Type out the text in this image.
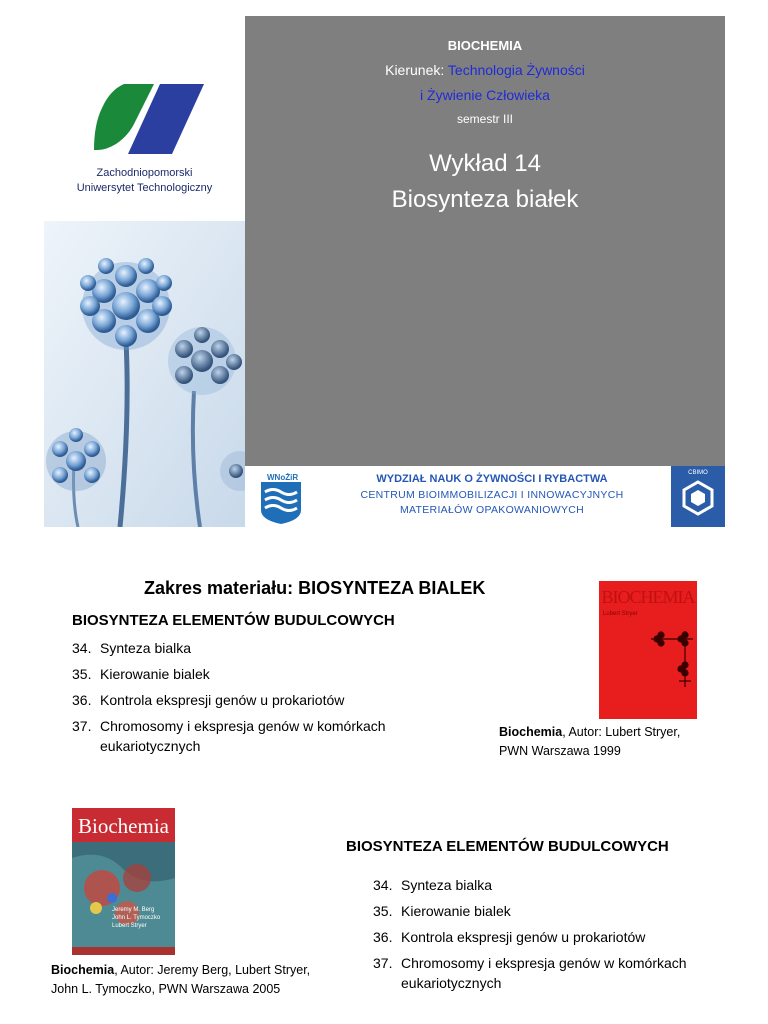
Zachodniopomorski
Uniwersytet Technologiczny
BIOCHEMIA
Kierunek: Technologia Żywności
i Żywienie Człowieka
semestr III
Wykład 14
Biosynteza białek
WNoŻiR	WYDZIAŁ NAUK O ŻYWNOŚCI I RYBACTWA
CENTRUM BIOIMMOBILIZACJI I INNOWACYJNYCH
MATERIAŁÓW OPAKOWANIOWYCH
CBIMO
Zakres materiału: BIOSYNTEZA BIALEK
BIOSYNTEZA ELEMENTÓW BUDULCOWYCH
34. Synteza bialka
35. Kierowanie bialek
36. Kontrola ekspresji genów u prokariotów
37. Chromosomy i ekspresja genów w komórkach
eukariotycznych
BIOCHEMIA
Lubert Stryer
Biochemia, Autor: Lubert Stryer,
PWN Warszawa 1999
Biochemia
Jeremy M. Berg
John L. Tymoczko
Lubert Stryer
Biochemia, Autor: Jeremy Berg, Lubert Stryer,
John L. Tymoczko, PWN Warszawa 2005
BIOSYNTEZA ELEMENTÓW BUDULCOWYCH
34. Synteza bialka
35. Kierowanie bialek
36. Kontrola ekspresji genów u prokariotów
37. Chromosomy i ekspresja genów w komórkach
eukariotycznych
